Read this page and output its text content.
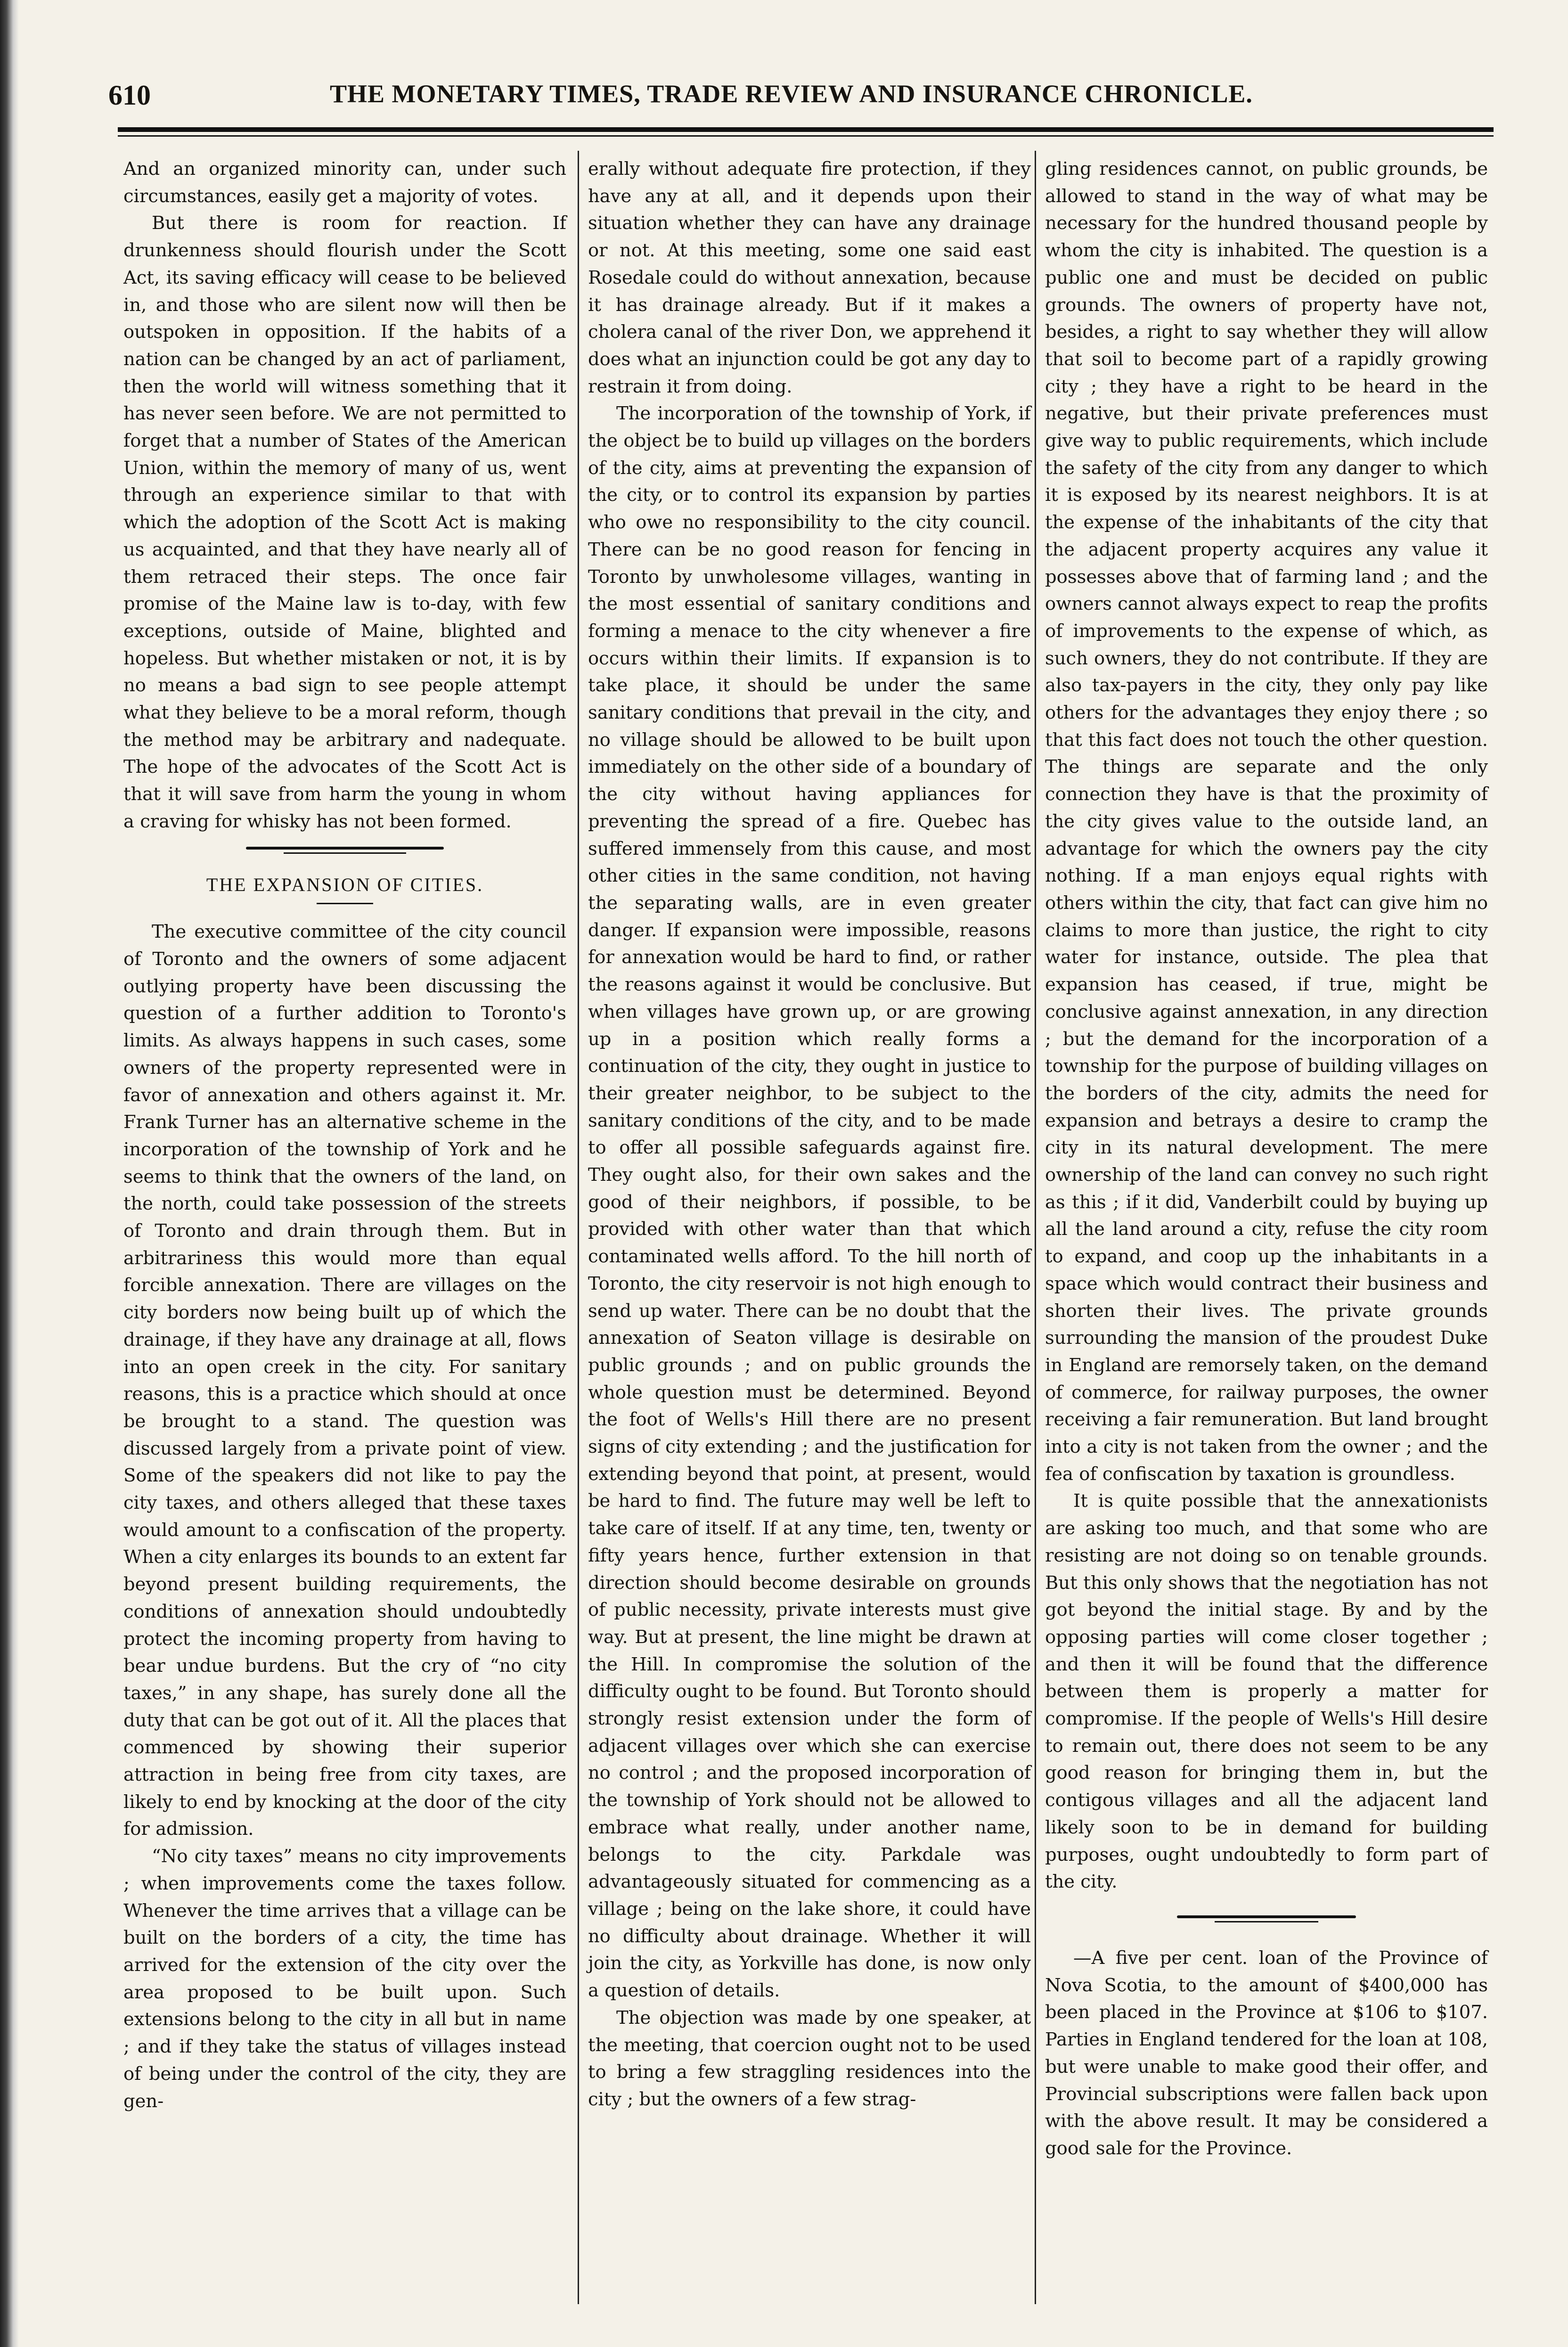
610	THE MONETARY TIMES, TRADE REVIEW AND INSURANCE CHRONICLE.

And an organized minority can, under such circumstances, easily get a majority of votes.

But there is room for reaction. If drunkenness should flourish under the Scott Act, its saving efficacy will cease to be believed in, and those who are silent now will then be outspoken in opposition. If the habits of a nation can be changed by an act of parliament, then the world will witness something that it has never seen before. We are not permitted to forget that a number of States of the American Union, within the memory of many of us, went through an experience similar to that with which the adoption of the Scott Act is making us acquainted, and that they have nearly all of them retraced their steps. The once fair promise of the Maine law is to-day, with few exceptions, outside of Maine, blighted and hopeless. But whether mistaken or not, it is by no means a bad sign to see people attempt what they believe to be a moral reform, though the method may be arbitrary and nadequate. The hope of the advocates of the Scott Act is that it will save from harm the young in whom a craving for whisky has not been formed.

THE EXPANSION OF CITIES.

The executive committee of the city council of Toronto and the owners of some adjacent outlying property have been discussing the question of a further addition to Toronto's limits. As always happens in such cases, some owners of the property represented were in favor of annexation and others against it. Mr. Frank Turner has an alternative scheme in the incorporation of the township of York and he seems to think that the owners of the land, on the north, could take possession of the streets of Toronto and drain through them. But in arbitrariness this would more than equal forcible annexation. There are villages on the city borders now being built up of which the drainage, if they have any drainage at all, flows into an open creek in the city. For sanitary reasons, this is a practice which should at once be brought to a stand. The question was discussed largely from a private point of view. Some of the speakers did not like to pay the city taxes, and others alleged that these taxes would amount to a confiscation of the property. When a city enlarges its bounds to an extent far beyond present building requirements, the conditions of annexation should undoubtedly protect the incoming property from having to bear undue burdens. But the cry of “no city taxes,” in any shape, has surely done all the duty that can be got out of it. All the places that commenced by showing their superior attraction in being free from city taxes, are likely to end by knocking at the door of the city for admission.

“No city taxes” means no city improvements ; when improvements come the taxes follow. Whenever the time arrives that a village can be built on the borders of a city, the time has arrived for the extension of the city over the area proposed to be built upon. Such extensions belong to the city in all but in name ; and if they take the status of villages instead of being under the control of the city, they are gen-

erally without adequate fire protection, if they have any at all, and it depends upon their situation whether they can have any drainage or not. At this meeting, some one said east Rosedale could do without annexation, because it has drainage already. But if it makes a cholera canal of the river Don, we apprehend it does what an injunction could be got any day to restrain it from doing.

The incorporation of the township of York, if the object be to build up villages on the borders of the city, aims at preventing the expansion of the city, or to control its expansion by parties who owe no responsibility to the city council. There can be no good reason for fencing in Toronto by unwholesome villages, wanting in the most essential of sanitary conditions and forming a menace to the city whenever a fire occurs within their limits. If expansion is to take place, it should be under the same sanitary conditions that prevail in the city, and no village should be allowed to be built upon immediately on the other side of a boundary of the city without having appliances for preventing the spread of a fire. Quebec has suffered immensely from this cause, and most other cities in the same condition, not having the separating walls, are in even greater danger. If expansion were impossible, reasons for annexation would be hard to find, or rather the reasons against it would be conclusive. But when villages have grown up, or are growing up in a position which really forms a continuation of the city, they ought in justice to their greater neighbor, to be subject to the sanitary conditions of the city, and to be made to offer all possible safeguards against fire. They ought also, for their own sakes and the good of their neighbors, if possible, to be provided with other water than that which contaminated wells afford. To the hill north of Toronto, the city reservoir is not high enough to send up water. There can be no doubt that the annexation of Seaton village is desirable on public grounds ; and on public grounds the whole question must be determined. Beyond the foot of Wells's Hill there are no present signs of city extending ; and the justification for extending beyond that point, at present, would be hard to find. The future may well be left to take care of itself. If at any time, ten, twenty or fifty years hence, further extension in that direction should become desirable on grounds of public necessity, private interests must give way. But at present, the line might be drawn at the Hill. In compromise the solution of the difficulty ought to be found. But Toronto should strongly resist extension under the form of adjacent villages over which she can exercise no control ; and the proposed incorporation of the township of York should not be allowed to embrace what really, under another name, belongs to the city. Parkdale was advantageously situated for commencing as a village ; being on the lake shore, it could have no difficulty about drainage. Whether it will join the city, as Yorkville has done, is now only a question of details.

The objection was made by one speaker, at the meeting, that coercion ought not to be used to bring a few straggling residences into the city ; but the owners of a few strag-

gling residences cannot, on public grounds, be allowed to stand in the way of what may be necessary for the hundred thousand people by whom the city is inhabited. The question is a public one and must be decided on public grounds. The owners of property have not, besides, a right to say whether they will allow that soil to become part of a rapidly growing city ; they have a right to be heard in the negative, but their private preferences must give way to public requirements, which include the safety of the city from any danger to which it is exposed by its nearest neighbors. It is at the expense of the inhabitants of the city that the adjacent property acquires any value it possesses above that of farming land ; and the owners cannot always expect to reap the profits of improvements to the expense of which, as such owners, they do not contribute. If they are also tax-payers in the city, they only pay like others for the advantages they enjoy there ; so that this fact does not touch the other question. The things are separate and the only connection they have is that the proximity of the city gives value to the outside land, an advantage for which the owners pay the city nothing. If a man enjoys equal rights with others within the city, that fact can give him no claims to more than justice, the right to city water for instance, outside. The plea that expansion has ceased, if true, might be conclusive against annexation, in any direction ; but the demand for the incorporation of a township for the purpose of building villages on the borders of the city, admits the need for expansion and betrays a desire to cramp the city in its natural development. The mere ownership of the land can convey no such right as this ; if it did, Vanderbilt could by buying up all the land around a city, refuse the city room to expand, and coop up the inhabitants in a space which would contract their business and shorten their lives. The private grounds surrounding the mansion of the proudest Duke in England are remorsely taken, on the demand of commerce, for railway purposes, the owner receiving a fair remuneration. But land brought into a city is not taken from the owner ; and the fea of confiscation by taxation is groundless.

It is quite possible that the annexationists are asking too much, and that some who are resisting are not doing so on tenable grounds. But this only shows that the negotiation has not got beyond the initial stage. By and by the opposing parties will come closer together ; and then it will be found that the difference between them is properly a matter for compromise. If the people of Wells's Hill desire to remain out, there does not seem to be any good reason for bringing them in, but the contigous villages and all the adjacent land likely soon to be in demand for building purposes, ought undoubtedly to form part of the city.

—A five per cent. loan of the Province of Nova Scotia, to the amount of $400,000 has been placed in the Province at $106 to $107. Parties in England tendered for the loan at 108, but were unable to make good their offer, and Provincial subscriptions were fallen back upon with the above result. It may be considered a good sale for the Province.
